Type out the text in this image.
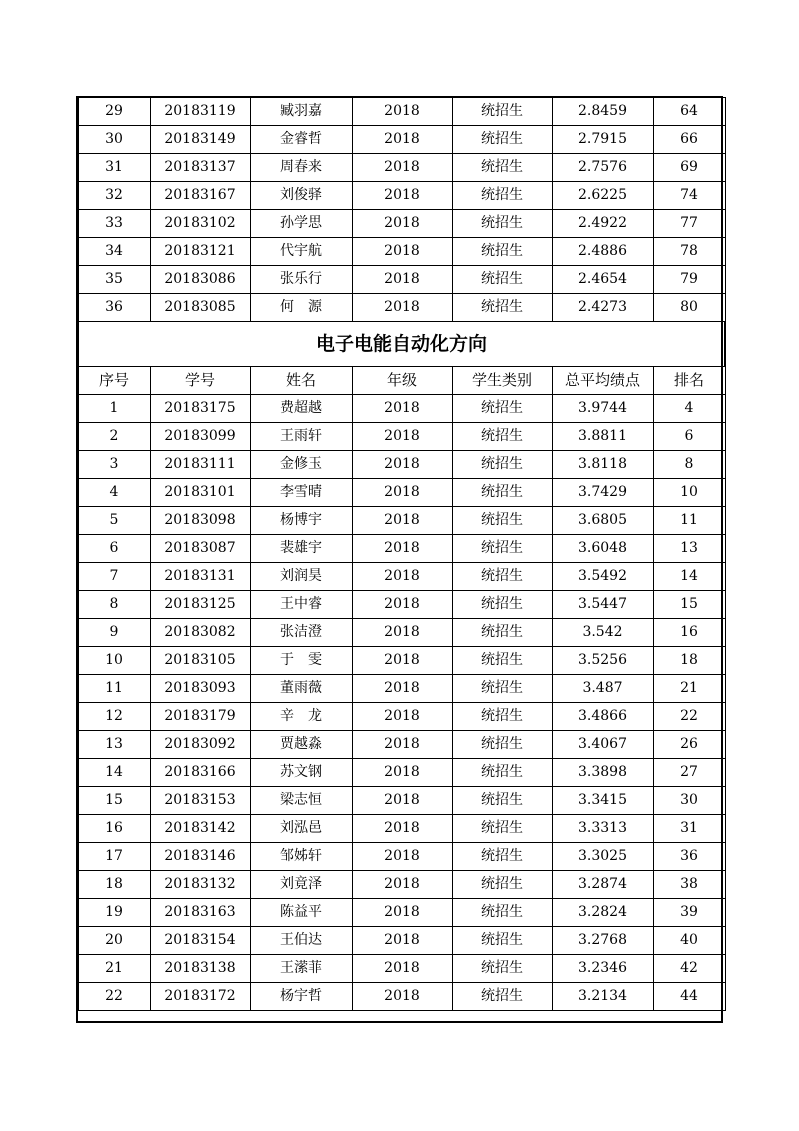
29	20183119	臧羽嘉	2018	统招生	2.8459	64
30	20183149	金睿哲	2018	统招生	2.7915	66
31	20183137	周春来	2018	统招生	2.7576	69
32	20183167	刘俊驿	2018	统招生	2.6225	74
33	20183102	孙学思	2018	统招生	2.4922	77
34	20183121	代宇航	2018	统招生	2.4886	78
35	20183086	张乐行	2018	统招生	2.4654	79
36	20183085	何　源	2018	统招生	2.4273	80
电子电能自动化方向						
序号	学号	姓名	年级	学生类别	总平均绩点	排名
1	20183175	费超越	2018	统招生	3.9744	4
2	20183099	王雨轩	2018	统招生	3.8811	6
3	20183111	金修玉	2018	统招生	3.8118	8
4	20183101	李雪晴	2018	统招生	3.7429	10
5	20183098	杨博宇	2018	统招生	3.6805	11
6	20183087	裴雄宇	2018	统招生	3.6048	13
7	20183131	刘润昊	2018	统招生	3.5492	14
8	20183125	王中睿	2018	统招生	3.5447	15
9	20183082	张洁澄	2018	统招生	3.542	16
10	20183105	于　雯	2018	统招生	3.5256	18
11	20183093	董雨薇	2018	统招生	3.487	21
12	20183179	辛　龙	2018	统招生	3.4866	22
13	20183092	贾越淼	2018	统招生	3.4067	26
14	20183166	苏文钢	2018	统招生	3.3898	27
15	20183153	梁志恒	2018	统招生	3.3415	30
16	20183142	刘泓邑	2018	统招生	3.3313	31
17	20183146	邹姊轩	2018	统招生	3.3025	36
18	20183132	刘竟泽	2018	统招生	3.2874	38
19	20183163	陈益平	2018	统招生	3.2824	39
20	20183154	王伯达	2018	统招生	3.2768	40
21	20183138	王潆菲	2018	统招生	3.2346	42
22	20183172	杨宇哲	2018	统招生	3.2134	44
